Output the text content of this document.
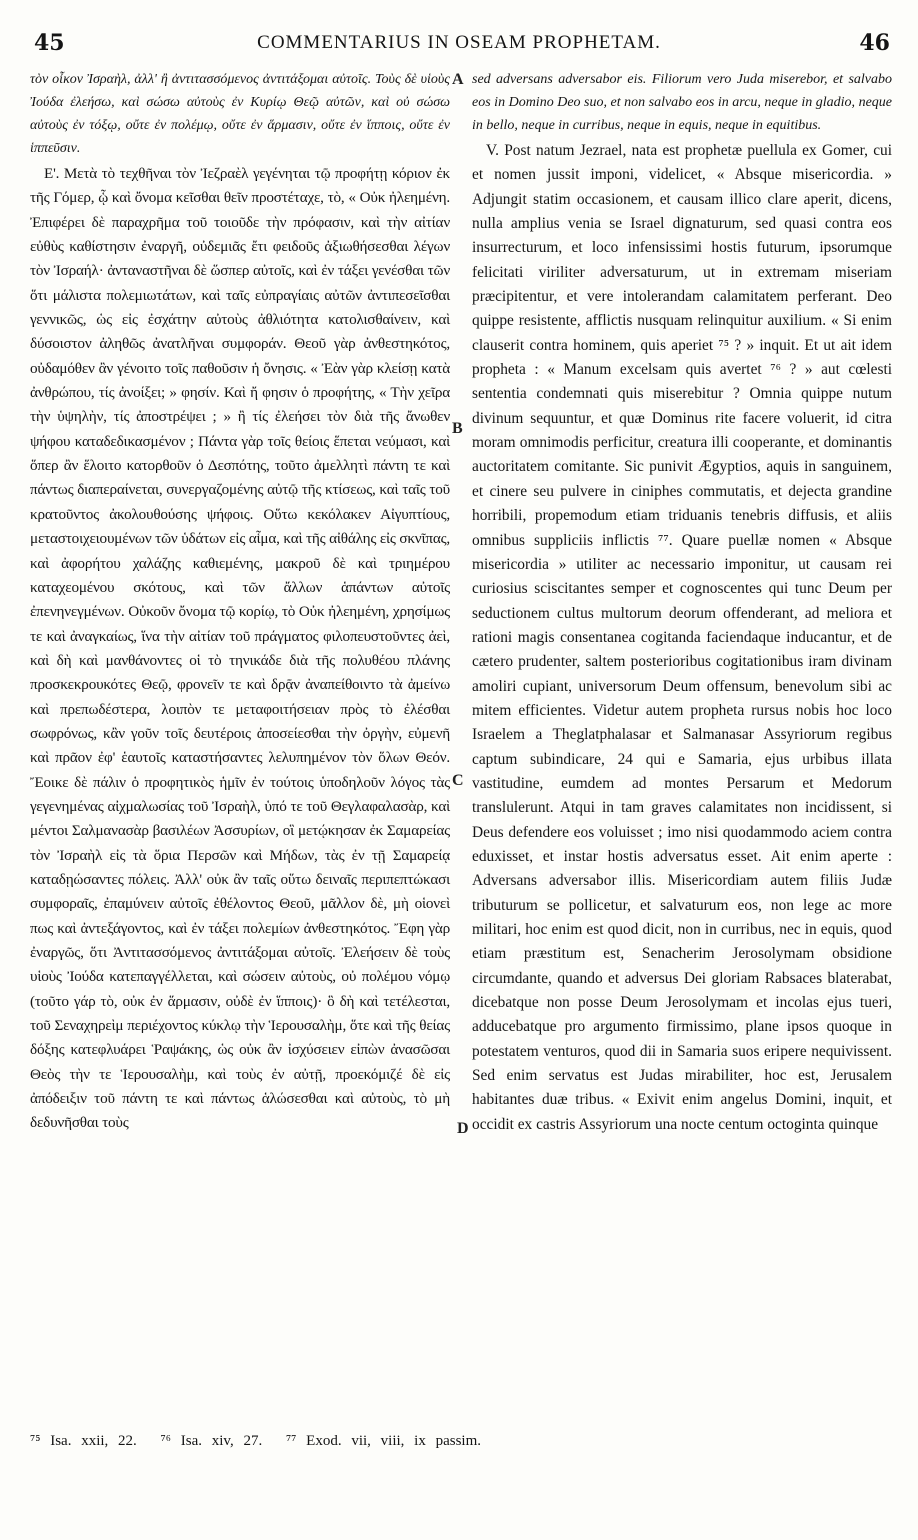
45	COMMENTARIUS IN OSEAM PROPHETAM.	46

τὸν οἶκον Ἰσραὴλ, ἀλλ' ἢ ἀντιτασσόμενος ἀντιτάξομαι αὐτοῖς. Τοὺς δὲ υἱοὺς Ἰούδα ἐλεήσω, καὶ σώσω αὐτοὺς ἐν Κυρίῳ Θεῷ αὐτῶν, καὶ οὐ σώσω αὐτοὺς ἐν τόξῳ, οὔτε ἐν πολέμῳ, οὔτε ἐν ἅρμασιν, οὔτε ἐν ἵπποις, οὔτε ἐν ἱππεῦσιν.

Ε'. Μετὰ τὸ τεχθῆναι τὸν Ἰεζραὲλ γεγένηται τῷ προφήτῃ κόριον ἐκ τῆς Γόμερ, ᾧ καὶ ὄνομα κεῖσθαι θεῖν προστέταχε, τὸ, « Οὐκ ἠλεημένη. Ἐπιφέρει δὲ παραχρῆμα τοῦ τοιοῦδε τὴν πρόφασιν, καὶ τὴν αἰτίαν εὐθὺς καθίστησιν ἐναργῆ, οὐδεμιᾶς ἔτι φειδοῦς ἀξιωθήσεσθαι λέγων τὸν Ἰσραήλ· ἀνταναστῆναι δὲ ὥσπερ αὐτοῖς, καὶ ἐν τάξει γενέσθαι τῶν ὅτι μάλιστα πολεμιωτάτων, καὶ ταῖς εὐπραγίαις αὐτῶν ἀντιπεσεῖσθαι γεννικῶς, ὡς εἰς ἐσχάτην αὐτοὺς ἀθλιότητα κατολισθαίνειν, καὶ δύσοιστον ἀληθῶς ἀνατλῆναι συμφοράν. Θεοῦ γὰρ ἀνθεστηκότος, οὐδαμόθεν ἂν γένοιτο τοῖς παθοῦσιν ἡ ὄνησις. « Ἐὰν γὰρ κλείσῃ κατὰ ἀνθρώπου, τίς ἀνοίξει; » φησίν. Καὶ ἤ φησιν ὁ προφήτης, « Τὴν χεῖρα τὴν ὑψηλὴν, τίς ἀποστρέψει ; » ἢ τίς ἐλεήσει τὸν διὰ τῆς ἄνωθεν ψήφου καταδεδικασμένον ; Πάντα γὰρ τοῖς θείοις ἕπεται νεύμασι, καὶ ὅπερ ἂν ἕλοιτο κατορθοῦν ὁ Δεσπότης, τοῦτο ἀμελλητὶ πάντη τε καὶ πάντως διαπεραίνεται, συνεργαζομένης αὐτῷ τῆς κτίσεως, καὶ ταῖς τοῦ κρατοῦντος ἀκολουθούσης ψήφοις. Οὕτω κεκόλακεν Αἰγυπτίους, μεταστοιχειουμένων τῶν ὑδάτων εἰς αἷμα, καὶ τῆς αἰθάλης εἰς σκνῖπας, καὶ ἀφορήτου χαλάζης καθιεμένης, μακροῦ δὲ καὶ τριημέρου καταχεομένου σκότους, καὶ τῶν ἄλλων ἁπάντων αὐτοῖς ἐπενηνεγμένων. Οὐκοῦν ὄνομα τῷ κορίῳ, τὸ Οὐκ ἠλεημένη, χρησίμως τε καὶ ἀναγκαίως, ἵνα τὴν αἰτίαν τοῦ πράγματος φιλοπευστοῦντες ἀεὶ, καὶ δὴ καὶ μανθάνοντες οἱ τὸ τηνικάδε διὰ τῆς πολυθέου πλάνης προσκεκρουκότες Θεῷ, φρονεῖν τε καὶ δρᾷν ἀναπείθοιντο τὰ ἀμείνω καὶ πρεπωδέστερα, λοιπὸν τε μεταφοιτήσειαν πρὸς τὸ ἐλέσθαι σωφρόνως, κἂν γοῦν τοῖς δευτέροις ἀποσείεσθαι τὴν ὀργὴν, εὐμενῆ καὶ πρᾶον ἐφ' ἑαυτοῖς καταστήσαντες λελυπημένον τὸν ὅλων Θεόν. Ἔοικε δὲ πάλιν ὁ προφητικὸς ἡμῖν ἐν τούτοις ὑποδηλοῦν λόγος τὰς γεγενημένας αἰχμαλωσίας τοῦ Ἰσραὴλ, ὑπό τε τοῦ Θεγλαφαλασὰρ, καὶ μέντοι Σαλμανασὰρ βασιλέων Ἀσσυρίων, οἳ μετῴκησαν ἐκ Σαμαρείας τὸν Ἰσραὴλ εἰς τὰ ὅρια Περσῶν καὶ Μήδων, τὰς ἐν τῇ Σαμαρείᾳ καταδῃώσαντες πόλεις. Ἀλλ' οὐκ ἂν ταῖς οὕτω δειναῖς περιπεπτώκασι συμφοραῖς, ἐπαμύνειν αὐτοῖς ἐθέλοντος Θεοῦ, μᾶλλον δὲ, μὴ οἱονεὶ πως καὶ ἀντεξάγοντος, καὶ ἐν τάξει πολεμίων ἀνθεστηκότος. Ἔφη γὰρ ἐναργῶς, ὅτι Ἀντιτασσόμενος ἀντιτάξομαι αὐτοῖς. Ἐλεήσειν δὲ τοὺς υἱοὺς Ἰούδα κατεπαγγέλλεται, καὶ σώσειν αὐτοὺς, οὐ πολέμου νόμῳ (τοῦτο γάρ τὸ, οὐκ ἐν ἅρμασιν, οὐδὲ ἐν ἵπποις)· ὃ δὴ καὶ τετέλεσται, τοῦ Σεναχηρεὶμ περιέχοντος κύκλῳ τὴν Ἱερουσαλὴμ, ὅτε καὶ τῆς θείας δόξης κατεφλυάρει Ῥαψάκης, ὡς οὐκ ἂν ἰσχύσειεν εἰπὼν ἀνασῶσαι Θεὸς τὴν τε Ἱερουσαλὴμ, καὶ τοὺς ἐν αὐτῇ, προεκόμιζέ δὲ εἰς ἀπόδειξιν τοῦ πάντη τε καὶ πάντως ἁλώσεσθαι καὶ αὐτοὺς, τὸ μὴ δεδυνῆσθαι τοὺς

sed adversans adversabor eis. Filiorum vero Juda miserebor, et salvabo eos in Domino Deo suo, et non salvabo eos in arcu, neque in gladio, neque in bello, neque in curribus, neque in equis, neque in equitibus.

V. Post natum Jezrael, nata est prophetæ puellula ex Gomer, cui et nomen jussit imponi, videlicet, « Absque misericordia. » Adjungit statim occasionem, et causam illico clare aperit, dicens, nulla amplius venia se Israel dignaturum, sed quasi contra eos insurrecturum, et loco infensissimi hostis futurum, ipsorumque felicitati viriliter adversaturum, ut in extremam miseriam præcipitentur, et vere intolerandam calamitatem perferant. Deo quippe resistente, afflictis nusquam relinquitur auxilium. « Si enim clauserit contra hominem, quis aperiet ⁷⁵ ? » inquit. Et ut ait idem propheta : « Manum excelsam quis avertet ⁷⁶ ? » aut cœlesti sententia condemnati quis miserebitur ? Omnia quippe nutum divinum sequuntur, et quæ Dominus rite facere voluerit, id citra moram omnimodis perficitur, creatura illi cooperante, et dominantis auctoritatem comitante. Sic punivit Ægyptios, aquis in sanguinem, et cinere seu pulvere in ciniphes commutatis, et dejecta grandine horribili, propemodum etiam triduanis tenebris diffusis, et aliis omnibus suppliciis inflictis ⁷⁷. Quare puellæ nomen « Absque misericordia » utiliter ac necessario imponitur, ut causam rei curiosius sciscitantes semper et cognoscentes qui tunc Deum per seductionem cultus multorum deorum offenderant, ad meliora et rationi magis consentanea cogitanda faciendaque inducantur, et de cætero prudenter, saltem posterioribus cogitationibus iram divinam amoliri cupiant, universorum Deum offensum, benevolum sibi ac mitem efficientes. Videtur autem propheta rursus nobis hoc loco Israelem a Theglatphalasar et Salmanasar Assyriorum regibus captum subindicare, 24 qui e Samaria, ejus urbibus illata vastitudine, eumdem ad montes Persarum et Medorum translulerunt. Atqui in tam graves calamitates non incidissent, si Deus defendere eos voluisset ; imo nisi quodammodo aciem contra eduxisset, et instar hostis adversatus esset. Ait enim aperte : Adversans adversabor illis. Misericordiam autem filiis Judæ tributurum se pollicetur, et salvaturum eos, non lege ac more militari, hoc enim est quod dicit, non in curribus, nec in equis, quod etiam præstitum est, Senacherim Jerosolymam obsidione circumdante, quando et adversus Dei gloriam Rabsaces blaterabat, dicebatque non posse Deum Jerosolymam et incolas ejus tueri, adducebatque pro argumento firmissimo, plane ipsos quoque in potestatem venturos, quod dii in Samaria suos eripere nequivissent. Sed enim servatus est Judas mirabiliter, hoc est, Jerusalem habitantes duæ tribus. « Exivit enim angelus Domini, inquit, et occidit ex castris Assyriorum una nocte centum octoginta quinque

A
B
C
D
⁷⁵ Isa. xxii, 22. ⁷⁶ Isa. xiv, 27. ⁷⁷ Exod. vii, viii, ix passim.
